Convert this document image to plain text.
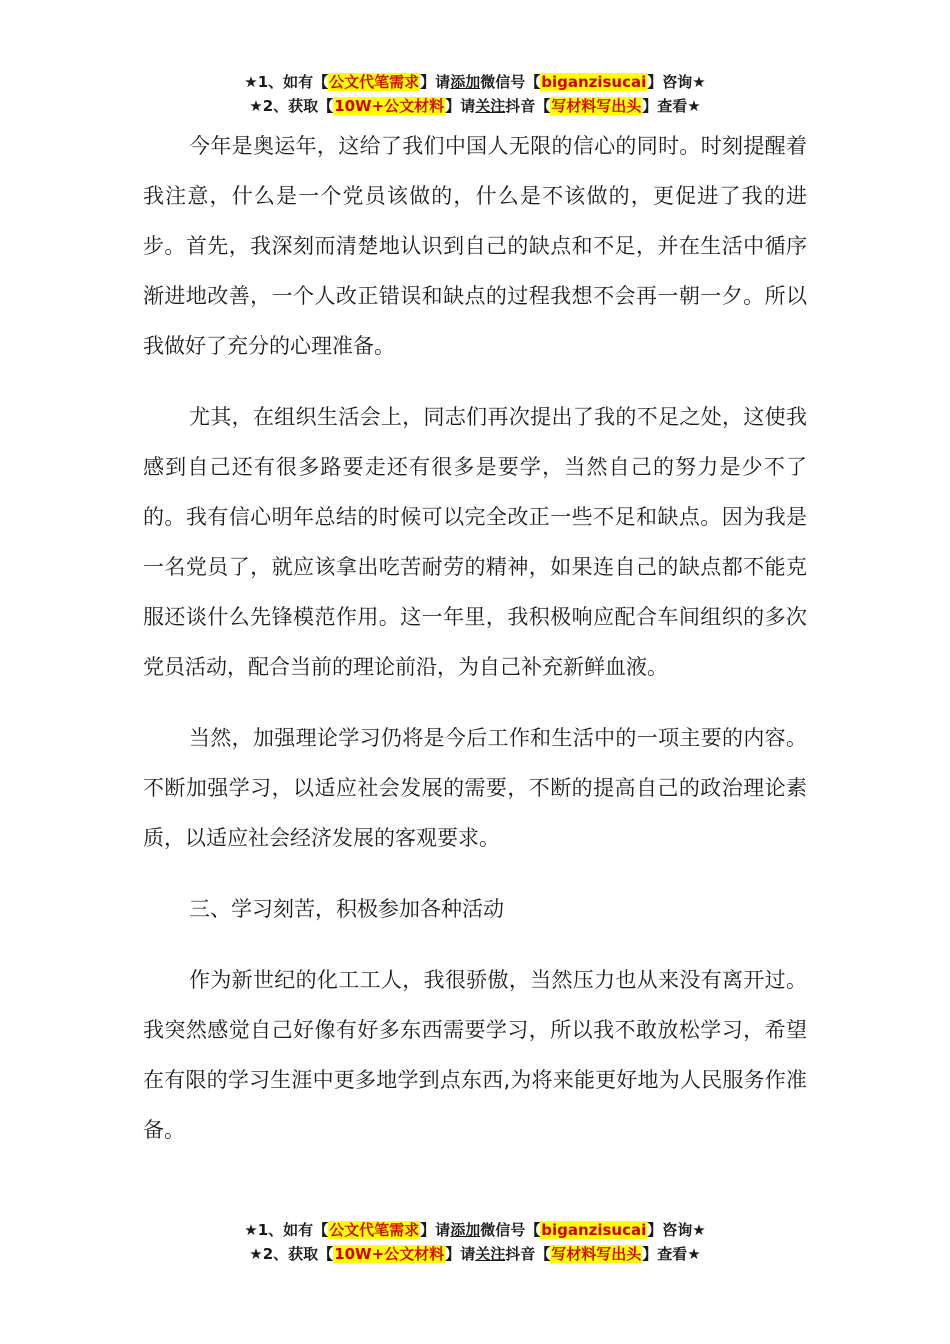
★1、如有【公文代笔需求】请添加微信号【biganzisucai】咨询★
★2、获取【10W+公文材料】请关注抖音【写材料写出头】查看★

今年是奥运年，这给了我们中国人无限的信心的同时。时刻提醒着我注意，什么是一个党员该做的，什么是不该做的，更促进了我的进步。首先，我深刻而清楚地认识到自己的缺点和不足，并在生活中循序渐进地改善，一个人改正错误和缺点的过程我想不会再一朝一夕。所以我做好了充分的心理准备。

尤其，在组织生活会上，同志们再次提出了我的不足之处，这使我感到自己还有很多路要走还有很多是要学，当然自己的努力是少不了的。我有信心明年总结的时候可以完全改正一些不足和缺点。因为我是一名党员了，就应该拿出吃苦耐劳的精神，如果连自己的缺点都不能克服还谈什么先锋模范作用。这一年里，我积极响应配合车间组织的多次党员活动，配合当前的理论前沿，为自己补充新鲜血液。

当然，加强理论学习仍将是今后工作和生活中的一项主要的内容。不断加强学习，以适应社会发展的需要，不断的提高自己的政治理论素质，以适应社会经济发展的客观要求。

三、学习刻苦，积极参加各种活动

作为新世纪的化工工人，我很骄傲，当然压力也从来没有离开过。我突然感觉自己好像有好多东西需要学习，所以我不敢放松学习，希望在有限的学习生涯中更多地学到点东西,为将来能更好地为人民服务作准备。

★1、如有【公文代笔需求】请添加微信号【biganzisucai】咨询★
★2、获取【10W+公文材料】请关注抖音【写材料写出头】查看★
